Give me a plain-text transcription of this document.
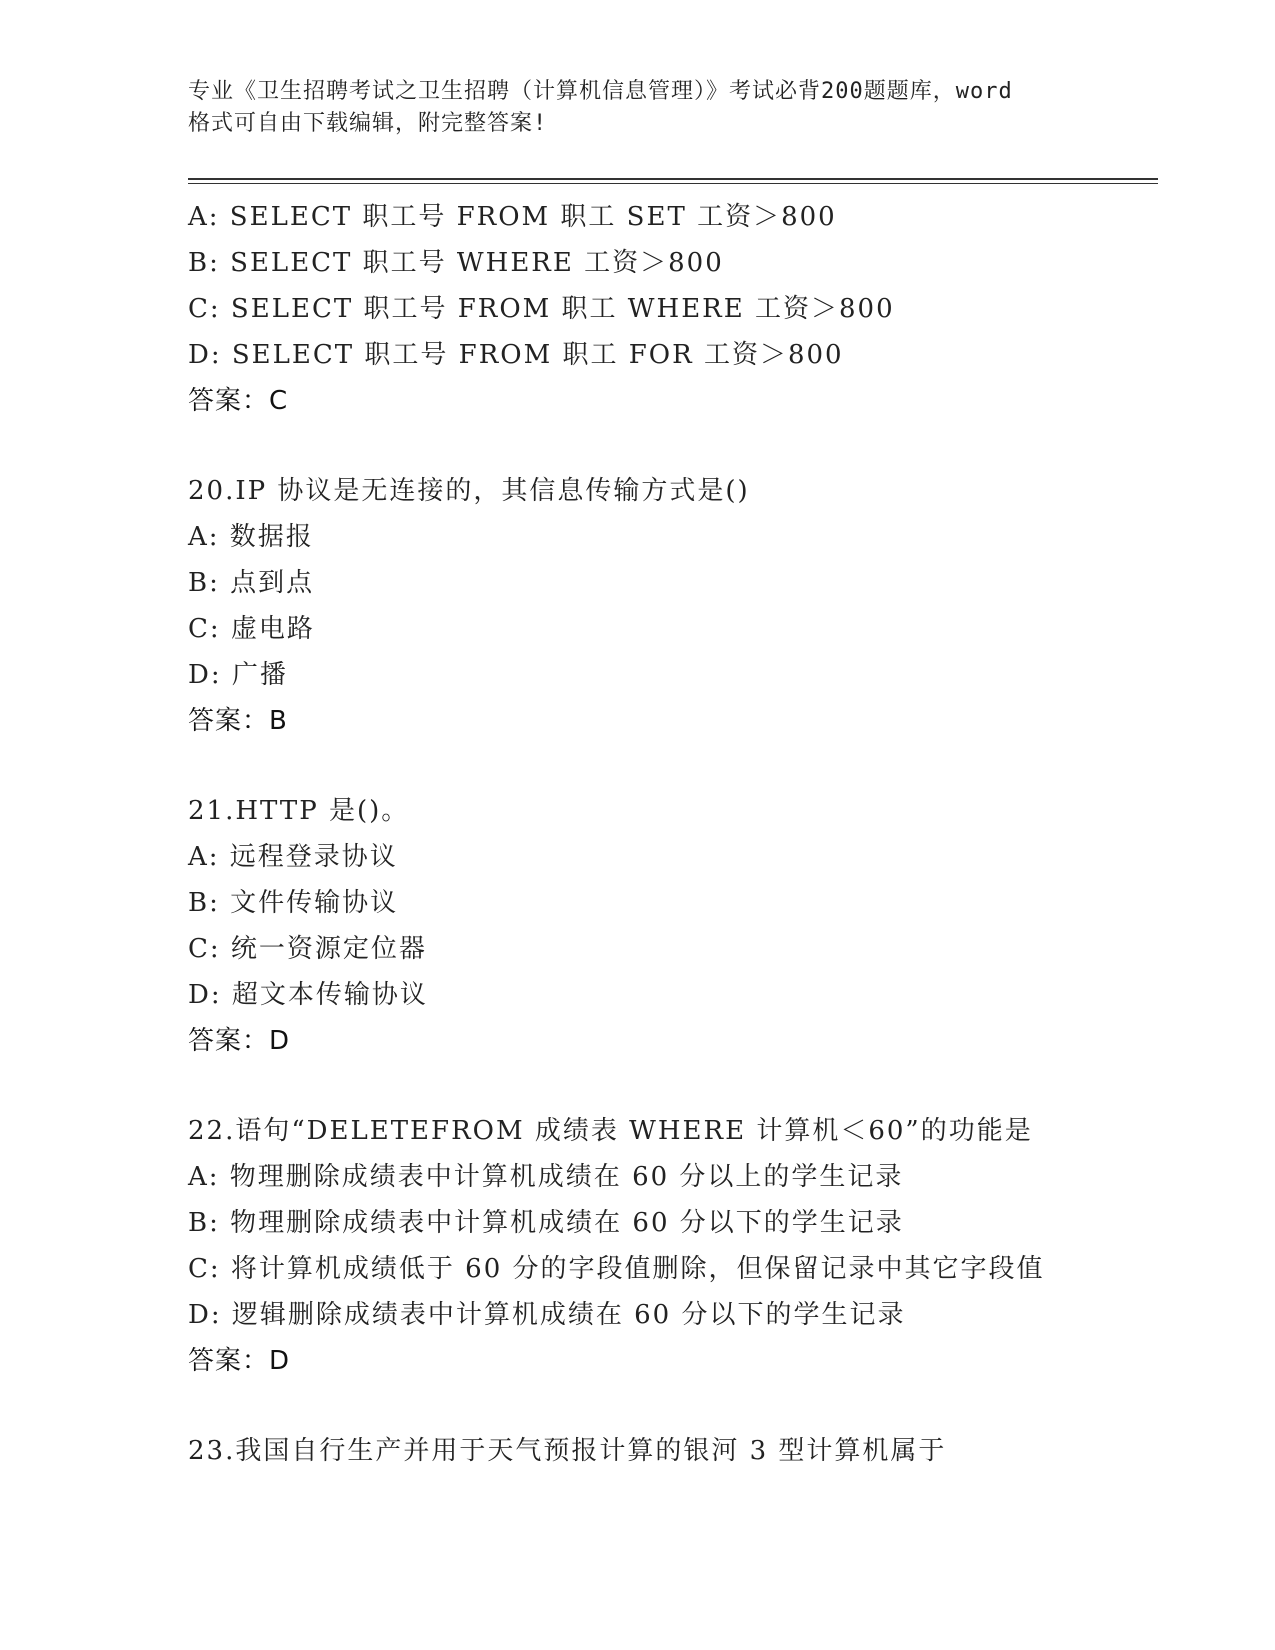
专业《卫生招聘考试之卫生招聘（计算机信息管理）》考试必背200题题库，word
格式可自由下载编辑，附完整答案!
A: SELECT 职工号 FROM 职工 SET 工资＞800
B: SELECT 职工号 WHERE 工资＞800
C: SELECT 职工号 FROM 职工 WHERE 工资＞800
D: SELECT 职工号 FROM 职工 FOR 工资＞800
答案：C
20.IP 协议是无连接的，其信息传输方式是()
A: 数据报
B: 点到点
C: 虚电路
D: 广播
答案：B
21.HTTP 是()。
A: 远程登录协议
B: 文件传输协议
C: 统一资源定位器
D: 超文本传输协议
答案：D
22.语句“DELETEFROM 成绩表 WHERE 计算机＜60”的功能是
A: 物理删除成绩表中计算机成绩在 60 分以上的学生记录
B: 物理删除成绩表中计算机成绩在 60 分以下的学生记录
C: 将计算机成绩低于 60 分的字段值删除，但保留记录中其它字段值
D: 逻辑删除成绩表中计算机成绩在 60 分以下的学生记录
答案：D
23.我国自行生产并用于天气预报计算的银河 3 型计算机属于
